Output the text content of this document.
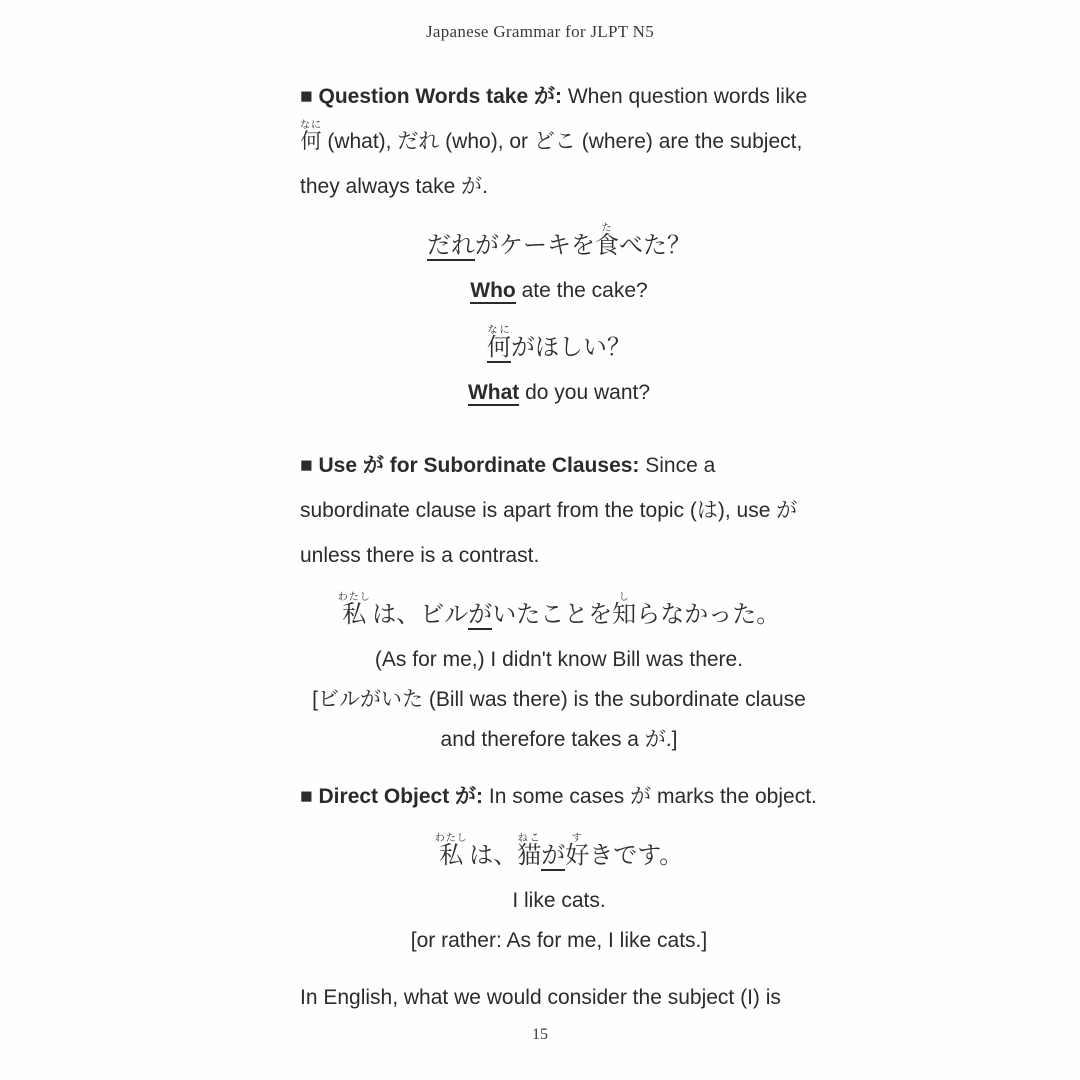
Japanese Grammar for JLPT N5
■ Question Words take が: When question words like 何なに (what), だれ (who), or どこ (where) are the subject, they always take が.
だれがケーキを食たべた？
Who ate the cake?
何なにがほしい？
What do you want?
■ Use が for Subordinate Clauses: Since a subordinate clause is apart from the topic (は), use が unless there is a contrast.
私わたし は、ビルがいたことを知しらなかった。
(As for me,) I didn't know Bill was there.
[ビルがいた (Bill was there) is the subordinate clause
and therefore takes a が.]
■ Direct Object が: In some cases が marks the object.
私わたし は、猫ねこが好すきです。
I like cats.
[or rather: As for me, I like cats.]
In English, what we would consider the subject (I) is
15
